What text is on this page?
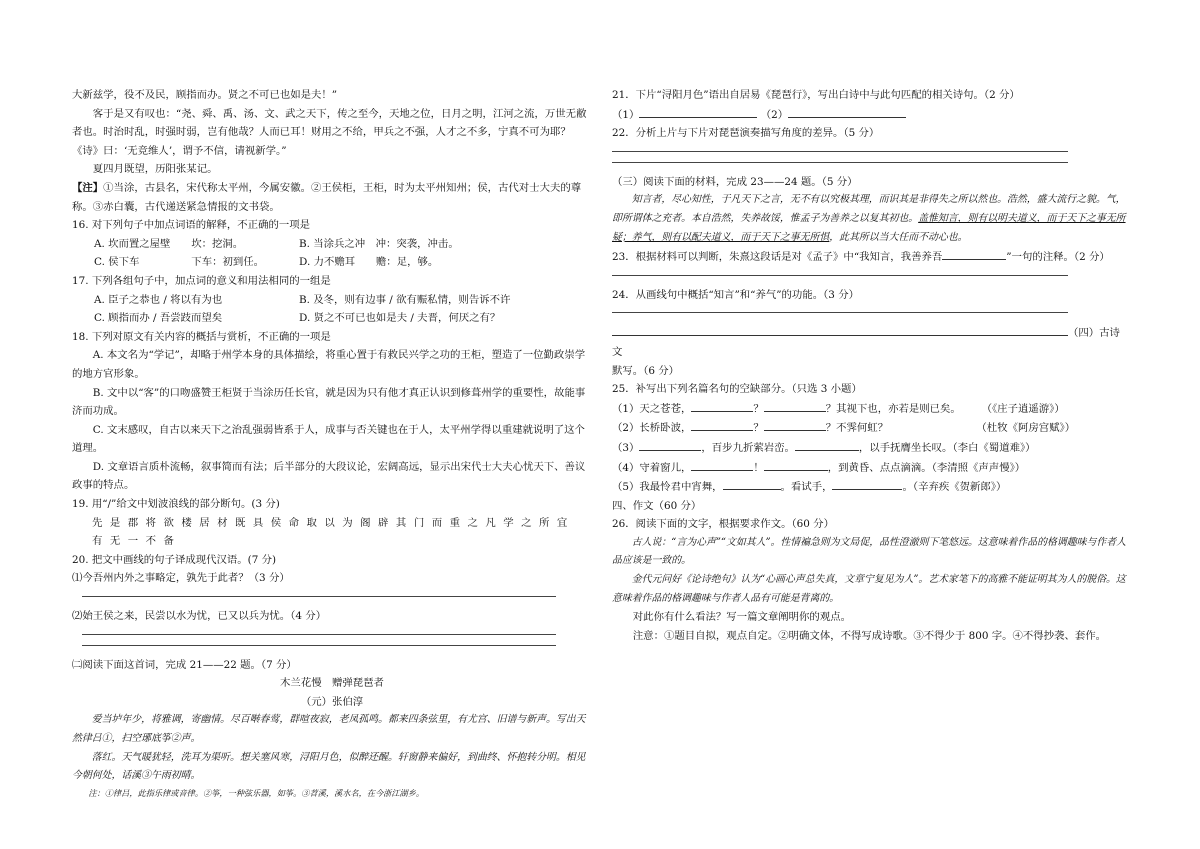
大新兹学，役不及民，顾指而办。贤之不可已也如是夫！”

客于是又有叹也：“尧、舜、禹、汤、文、武之天下，传之至今，天地之位，日月之明，江河之流，万世无敝者也。时治时乱，时强时弱，岂有他哉？人而已耳！财用之不给，甲兵之不强，人才之不多，宁真不可为耶？《诗》曰：‘无竞维人’，谓予不信，请视新学。”

夏四月既望，历阳张某记。

【注】①当涂，古县名，宋代称太平州，今属安徽。②王侯柜，王柜，时为太平州知州；侯，古代对士大夫的尊称。③赤白囊，古代递送紧急情报的文书袋。

16. 对下列句子中加点词语的解释，不正确的一项是

A. 坎而置之屋壁　　坎：挖洞。	B. 当涂兵之冲　冲：突袭，冲击。
C. 侯下车　　　　　下车：初到任。	D. 力不赡耳　　赡：足，够。

17. 下列各组句子中，加点词的意义和用法相同的一组是

A. 臣子之恭也 / 将以有为也	B. 及冬，则有边事 / 欲有赈私情，则告诉不许
C. 顾指而办 / 吾尝跂而望矣	D. 贤之不可已也如是夫 / 夫晋，何厌之有？

18. 下列对原文有关内容的概括与赏析，不正确的一项是

A. 本文名为“学记”，却略于州学本身的具体描绘，将重心置于有救民兴学之功的王柜，塑造了一位勤政崇学的地方官形象。

B. 文中以“客”的口吻盛赞王柜贤于当涂历任长官，就是因为只有他才真正认识到修葺州学的重要性，故能事济而功成。

C. 文末感叹，自古以来天下之治乱强弱皆系于人，成事与否关键也在于人，太平州学得以重建就说明了这个道理。

D. 文章语言质朴流畅，叙事简而有法；后半部分的大段议论，宏阔高远，显示出宋代士大夫心忧天下、善议政事的特点。

19. 用“/”给文中划波浪线的部分断句。(3 分)

先是郡将欲楼居材既具侯命取以为阁辟其门而重之凡学之所宜有无一不备

20. 把文中画线的句子译成现代汉语。(7 分)

⑴今吾州内外之事略定，孰先于此者？（3 分）

⑵始王侯之来，民尝以水为忧，已又以兵为忧。（4 分）

㈡阅读下面这首词，完成 21——22 题。（7 分）

木兰花慢　赠弹琵琶者

（元）张伯淳

爱当垆年少，将雅调，寄幽情。尽百啭春莺，群喧夜寂，老凤孤鸣。都来四条弦里，有尤宫、旧谱与新声。写出天然律吕①，扫空琊底筝②声。

落红。天气暖犹轻，洗耳为渠听。想关塞风寒，浔阳月色，似醉还醒。轩窗静来偏好，到曲终、怀抱转分明。相见今朝何处，话溪③午雨初晴。

注：①律吕，此指乐律或音律。②筝，一种弦乐器，如筝。③苕溪，溪水名，在今浙江湖乡。

21．下片“浔阳月色”语出自居易《琵琶行》，写出白诗中与此句匹配的相关诗句。（2 分）

（1）	（2）

22．分析上片与下片对琵琶演奏描写角度的差异。（5 分）

（三）阅读下面的材料，完成 23——24 题。（5 分）

知言者，尽心知性，于凡天下之言，无不有以究极其理，而识其是非得失之所以然也。浩然，盛大流行之貌。气，即所谓体之充者。本自浩然，失养故馁，惟孟子为善养之以复其初也。盖惟知言，则有以明夫道义，而于天下之事无所疑；养气，则有以配夫道义，而于天下之事无所惧，此其所以当大任而不动心也。

23．根据材料可以判断，朱熹这段话是对《孟子》中“我知言，我善养吾	”一句的注释。（2 分）

24．从画线句中概括“知言”和“养气”的功能。（3 分）

（四）古诗文

默写。（6 分）

25．补写出下列名篇名句的空缺部分。（只选 3 小题）

（1）天之苍苍，	？	？其视下也，亦若是则已矣。　　　（《庄子逍遥游》）

（2）长桥卧波，	？	？不霁何虹？　　　　　　　　　	（杜牧《阿房宫赋》）

（3）	，百步九折萦岩峦。	，以手抚膺坐长叹。（李白《蜀道难》）

（4）守着窗儿，	！	，到黄昏、点点滴滴。（李清照《声声慢》）

（5）我最怜君中宵舞，	。看试手，	。（辛弃疾《贺新郎》）

四、作文（60 分）

26．阅读下面的文字，根据要求作文。（60 分）

古人说：“言为心声”“文如其人”。性情褊急则为文局促，品性澄澈则下笔悠远。这意味着作品的格调趣味与作者人品应该是一致的。

金代元问好《论诗绝句》认为“心画心声总失真，文章宁复见为人”。艺术家笔下的高雅不能证明其为人的脱俗。这意味着作品的格调趣味与作者人品有可能是背离的。

对此你有什么看法？写一篇文章阐明你的观点。

注意：①题目自拟，观点自定。②明确文体，不得写成诗歌。③不得少于 800 字。④不得抄袭、套作。
